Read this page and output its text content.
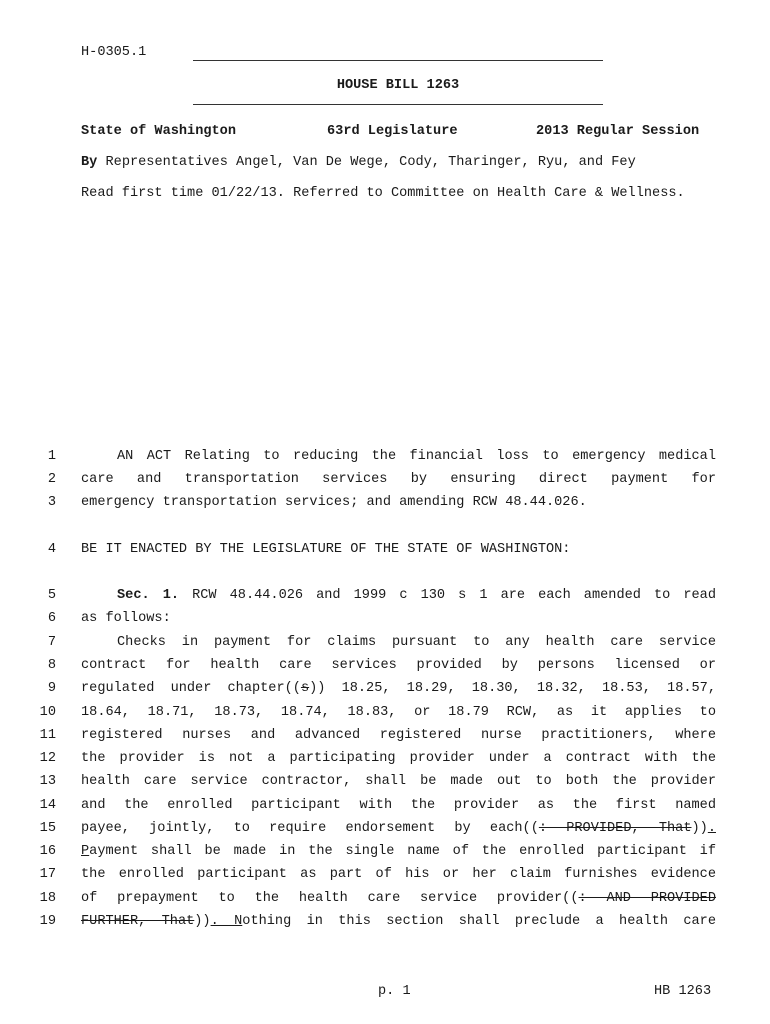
H-0305.1
HOUSE BILL 1263
State of Washington	63rd Legislature	2013 Regular Session
By Representatives Angel, Van De Wege, Cody, Tharinger, Ryu, and Fey
Read first time 01/22/13. Referred to Committee on Health Care & Wellness.
1
2
3
4
5
6
7
8
9
10
11
12
13
14
15
16
17
18
19
AN ACT Relating to reducing the financial loss to emergency medical
care and transportation services by ensuring direct payment for
emergency transportation services; and amending RCW 48.44.026.
BE IT ENACTED BY THE LEGISLATURE OF THE STATE OF WASHINGTON:
Sec. 1. RCW 48.44.026 and 1999 c 130 s 1 are each amended to read
as follows:
Checks in payment for claims pursuant to any health care service
contract for health care services provided by persons licensed or
regulated under chapter((s)) 18.25, 18.29, 18.30, 18.32, 18.53, 18.57,
18.64, 18.71, 18.73, 18.74, 18.83, or 18.79 RCW, as it applies to
registered nurses and advanced registered nurse practitioners, where
the provider is not a participating provider under a contract with the
health care service contractor, shall be made out to both the provider
and the enrolled participant with the provider as the first named
payee, jointly, to require endorsement by each((: PROVIDED, That)).
Payment shall be made in the single name of the enrolled participant if
the enrolled participant as part of his or her claim furnishes evidence
of prepayment to the health care service provider((: AND PROVIDED
FURTHER, That)). Nothing in this section shall preclude a health care
p. 1	HB 1263
